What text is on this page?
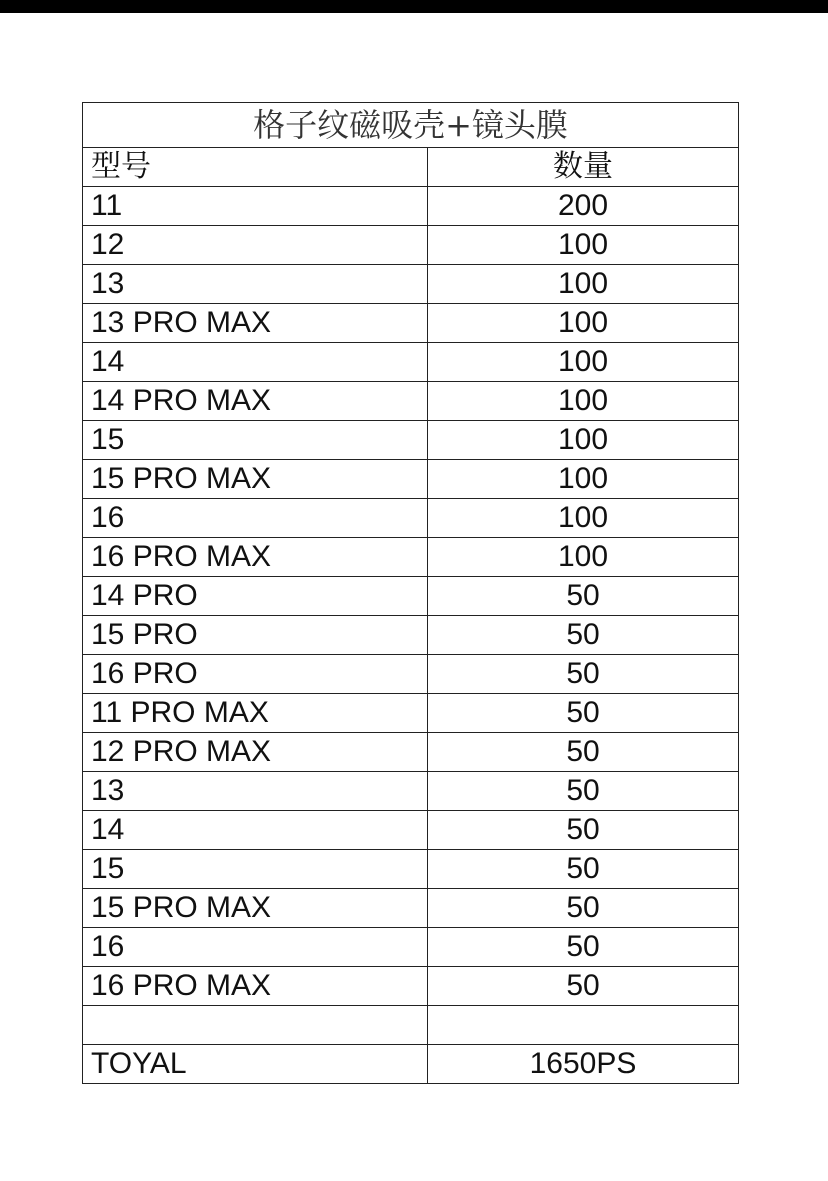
格子纹磁吸壳+镜头膜	
型号	数量
11	200
12	100
13	100
13 PRO MAX	100
14	100
14 PRO MAX	100
15	100
15 PRO MAX	100
16	100
16 PRO MAX	100
14 PRO	50
15 PRO	50
16 PRO	50
11 PRO MAX	50
12 PRO MAX	50
13	50
14	50
15	50
15 PRO MAX	50
16	50
16 PRO MAX	50

TOYAL	1650PS
